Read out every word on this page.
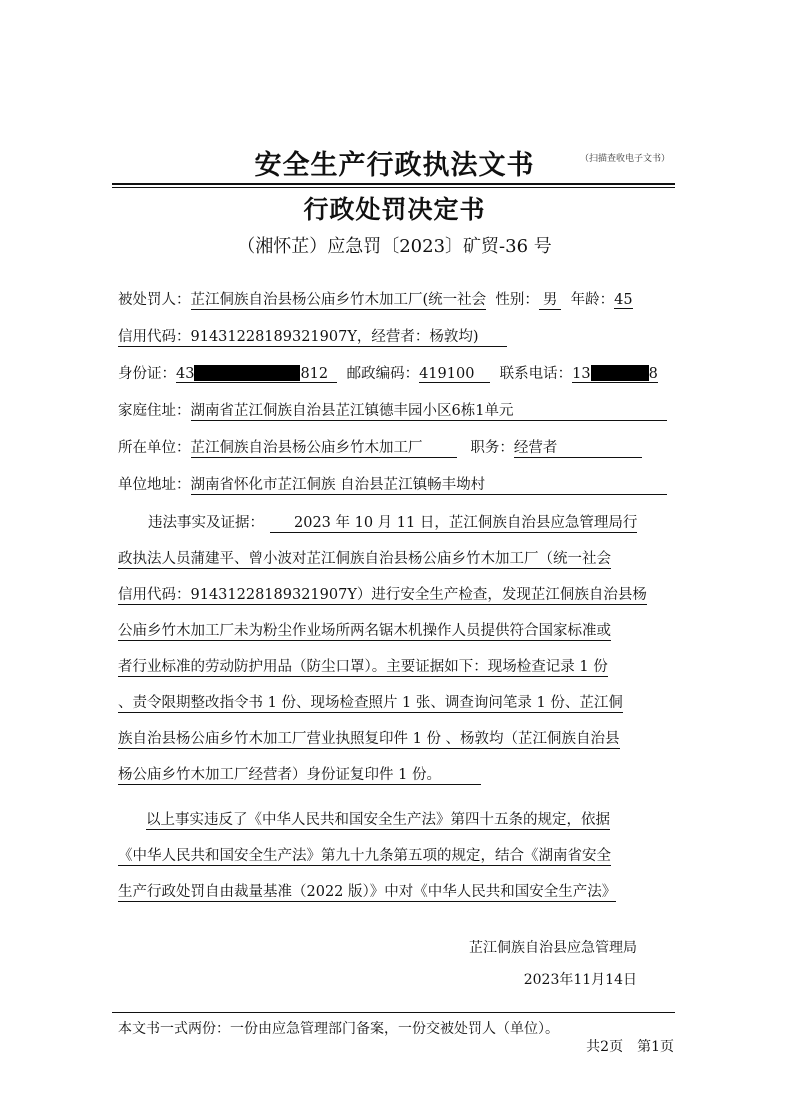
安全生产行政执法文书	（扫描查收电子文书）
行政处罚决定书
（湘怀芷）应急罚〔2023〕矿贸-36 号
被处罚人：芷江侗族自治县杨公庙乡竹木加工厂(统一社会 性别： 男 年龄：45
信用代码：91431228189321907Y，经营者：杨敦均)
身份证：43	812 邮政编码：419100 联系电话：13	8
家庭住址：湖南省芷江侗族自治县芷江镇德丰园小区6栋1单元
所在单位：芷江侗族自治县杨公庙乡竹木加工厂	职务：经营者
单位地址：湖南省怀化市芷江侗族 自治县芷江镇畅丰坳村
违法事实及证据：	2023 年 10 月 11 日，芷江侗族自治县应急管理局行
政执法人员蒲建平、曾小波对芷江侗族自治县杨公庙乡竹木加工厂（统一社会
信用代码：91431228189321907Y）进行安全生产检查，发现芷江侗族自治县杨
公庙乡竹木加工厂未为粉尘作业场所两名锯木机操作人员提供符合国家标准或
者行业标准的劳动防护用品（防尘口罩）。主要证据如下：现场检查记录 1 份
、责令限期整改指令书 1 份、现场检查照片 1 张、调查询问笔录 1 份、芷江侗
族自治县杨公庙乡竹木加工厂营业执照复印件 1 份 、杨敦均（芷江侗族自治县
杨公庙乡竹木加工厂经营者）身份证复印件 1 份。
以上事实违反了《中华人民共和国安全生产法》第四十五条的规定，依据
《中华人民共和国安全生产法》第九十九条第五项的规定，结合《湖南省安全
生产行政处罚自由裁量基准（2022 版）》中对《中华人民共和国安全生产法》
芷江侗族自治县应急管理局
2023年11月14日
本文书一式两份：一份由应急管理部门备案，一份交被处罚人（单位）。
共2页　第1页
